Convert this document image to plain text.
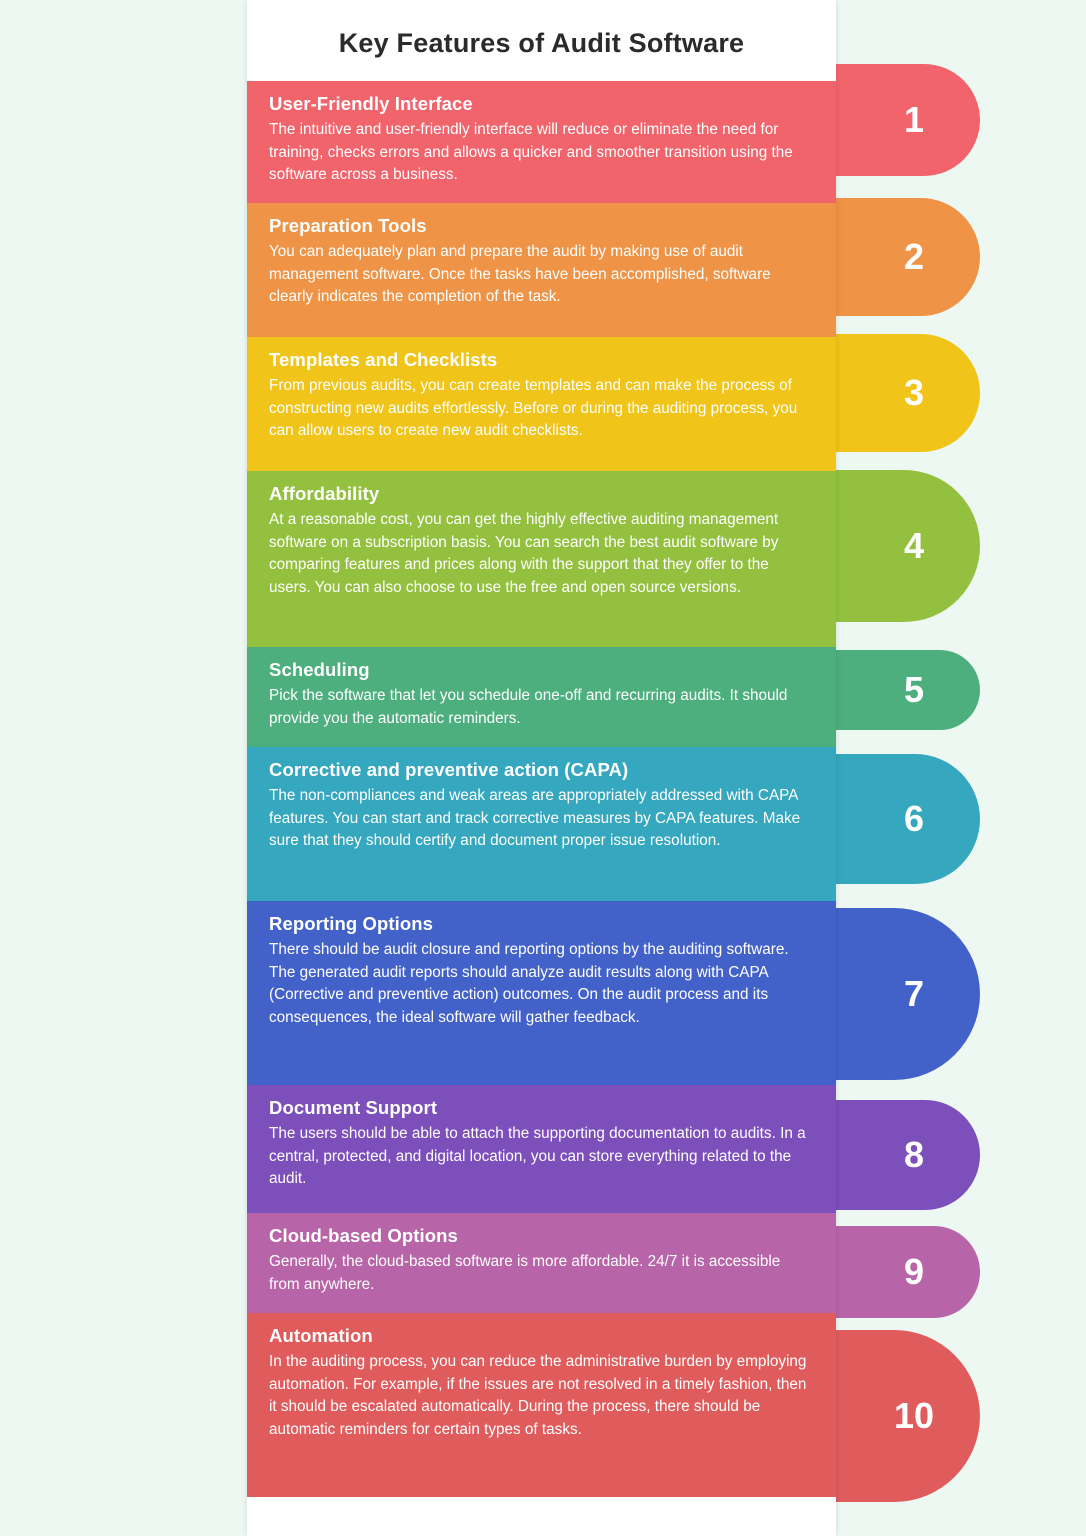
1
2
3
4
5
6
7
8
9
10
Key Features of Audit Software
User-Friendly Interface

The intuitive and user-friendly interface will reduce or eliminate the need for training, checks errors and allows a quicker and smoother transition using the software across a business.

Preparation Tools

You can adequately plan and prepare the audit by making use of audit management software. Once the tasks have been accomplished, software clearly indicates the completion of the task.

Templates and Checklists

From previous audits, you can create templates and can make the process of constructing new audits effortlessly. Before or during the auditing process, you can allow users to create new audit checklists.

Affordability

At a reasonable cost, you can get the highly effective auditing management software on a subscription basis. You can search the best audit software by comparing features and prices along with the support that they offer to the users. You can also choose to use the free and open source versions.

Scheduling

Pick the software that let you schedule one-off and recurring audits. It should provide you the automatic reminders.

Corrective and preventive action (CAPA)

The non-compliances and weak areas are appropriately addressed with CAPA features. You can start and track corrective measures by CAPA features. Make sure that they should certify and document proper issue resolution.

Reporting Options

There should be audit closure and reporting options by the auditing software. The generated audit reports should analyze audit results along with CAPA (Corrective and preventive action) outcomes. On the audit process and its consequences, the ideal software will gather feedback.

Document Support

The users should be able to attach the supporting documentation to audits. In a central, protected, and digital location, you can store everything related to the audit.

Cloud-based Options

Generally, the cloud-based software is more affordable. 24/7 it is accessible from anywhere.

Automation

In the auditing process, you can reduce the administrative burden by employing automation. For example, if the issues are not resolved in a timely fashion, then it should be escalated automatically. During the process, there should be automatic reminders for certain types of tasks.
